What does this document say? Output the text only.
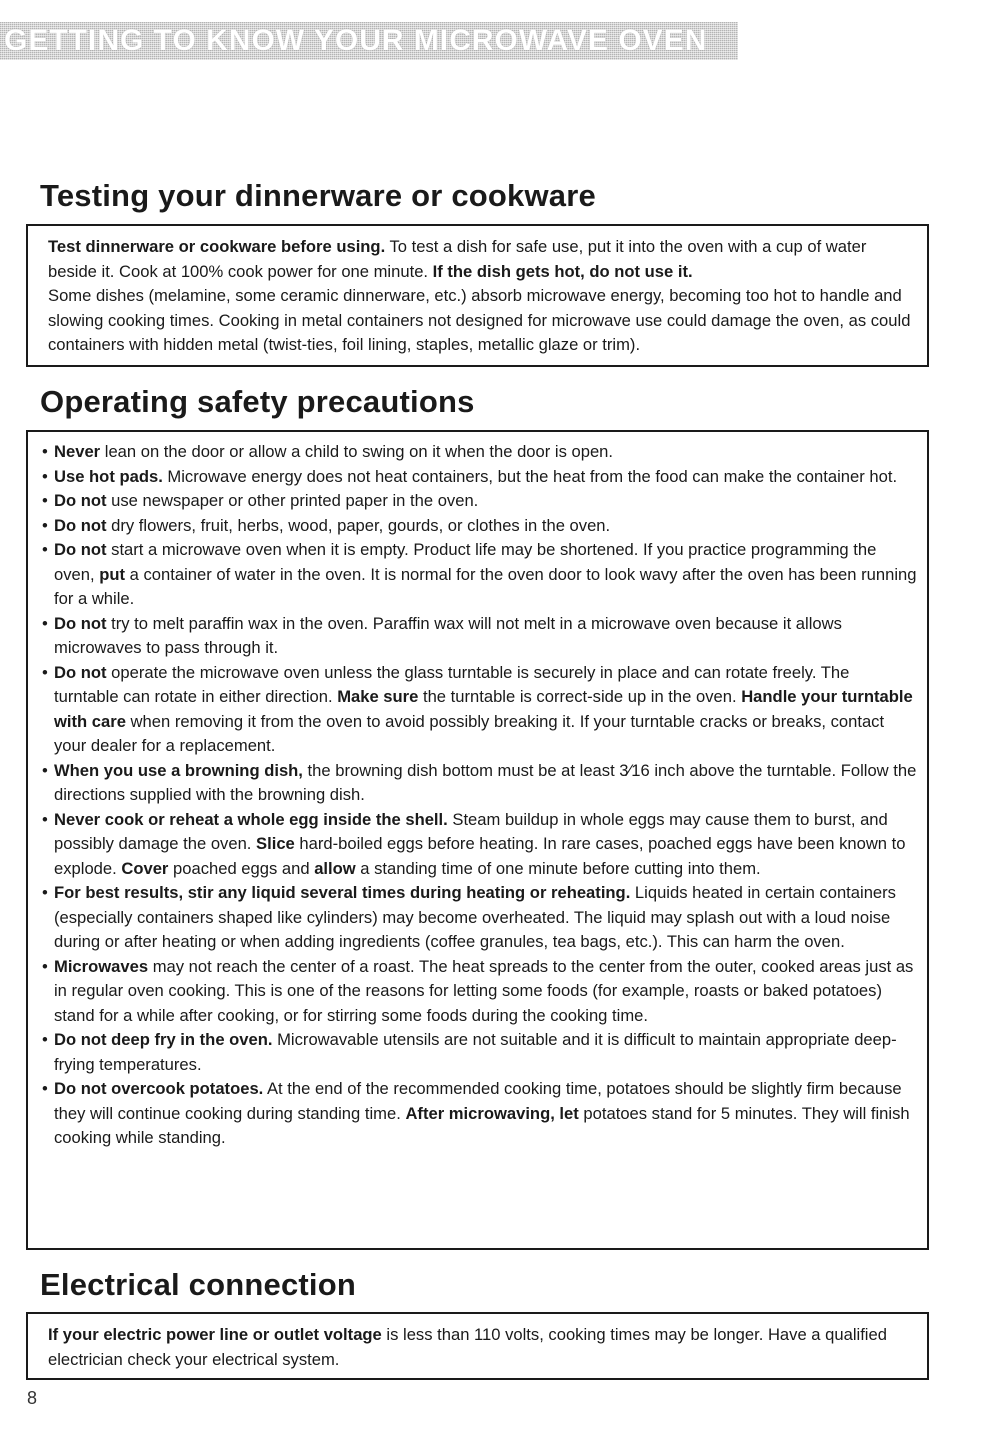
GETTING TO KNOW YOUR MICROWAVE OVEN
Testing your dinnerware or cookware

Test dinnerware or cookware before using. To test a dish for safe use, put it into the oven with a cup of water beside it. Cook at 100% cook power for one minute. If the dish gets hot, do not use it.

Some dishes (melamine, some ceramic dinnerware, etc.) absorb microwave energy, becoming too hot to handle and slowing cooking times. Cooking in metal containers not designed for microwave use could damage the oven, as could containers with hidden metal (twist-ties, foil lining, staples, metallic glaze or trim).

Operating safety precautions
• Never lean on the door or allow a child to swing on it when the door is open.
• Use hot pads. Microwave energy does not heat containers, but the heat from the food can make the container hot.
• Do not use newspaper or other printed paper in the oven.
• Do not dry flowers, fruit, herbs, wood, paper, gourds, or clothes in the oven.
• Do not start a microwave oven when it is empty. Product life may be shortened. If you practice programming the oven, put a container of water in the oven. It is normal for the oven door to look wavy after the oven has been running for a while.
• Do not try to melt paraffin wax in the oven. Paraffin wax will not melt in a microwave oven because it allows microwaves to pass through it.
• Do not operate the microwave oven unless the glass turntable is securely in place and can rotate freely. The turntable can rotate in either direction. Make sure the turntable is correct-side up in the oven. Handle your turntable with care when removing it from the oven to avoid possibly breaking it. If your turntable cracks or breaks, contact your dealer for a replacement.
• When you use a browning dish, the browning dish bottom must be at least 3⁄16 inch above the turntable. Follow the directions supplied with the browning dish.
• Never cook or reheat a whole egg inside the shell. Steam buildup in whole eggs may cause them to burst, and possibly damage the oven. Slice hard-boiled eggs before heating. In rare cases, poached eggs have been known to explode. Cover poached eggs and allow a standing time of one minute before cutting into them.
• For best results, stir any liquid several times during heating or reheating. Liquids heated in certain containers (especially containers shaped like cylinders) may become overheated. The liquid may splash out with a loud noise during or after heating or when adding ingredients (coffee granules, tea bags, etc.). This can harm the oven.
• Microwaves may not reach the center of a roast. The heat spreads to the center from the outer, cooked areas just as in regular oven cooking. This is one of the reasons for letting some foods (for example, roasts or baked potatoes) stand for a while after cooking, or for stirring some foods during the cooking time.
• Do not deep fry in the oven. Microwavable utensils are not suitable and it is difficult to maintain appropriate deep-frying temperatures.
• Do not overcook potatoes. At the end of the recommended cooking time, potatoes should be slightly firm because they will continue cooking during standing time. After microwaving, let potatoes stand for 5 minutes. They will finish cooking while standing.
Electrical connection

If your electric power line or outlet voltage is less than 110 volts, cooking times may be longer. Have a qualified electrician check your electrical system.

8
